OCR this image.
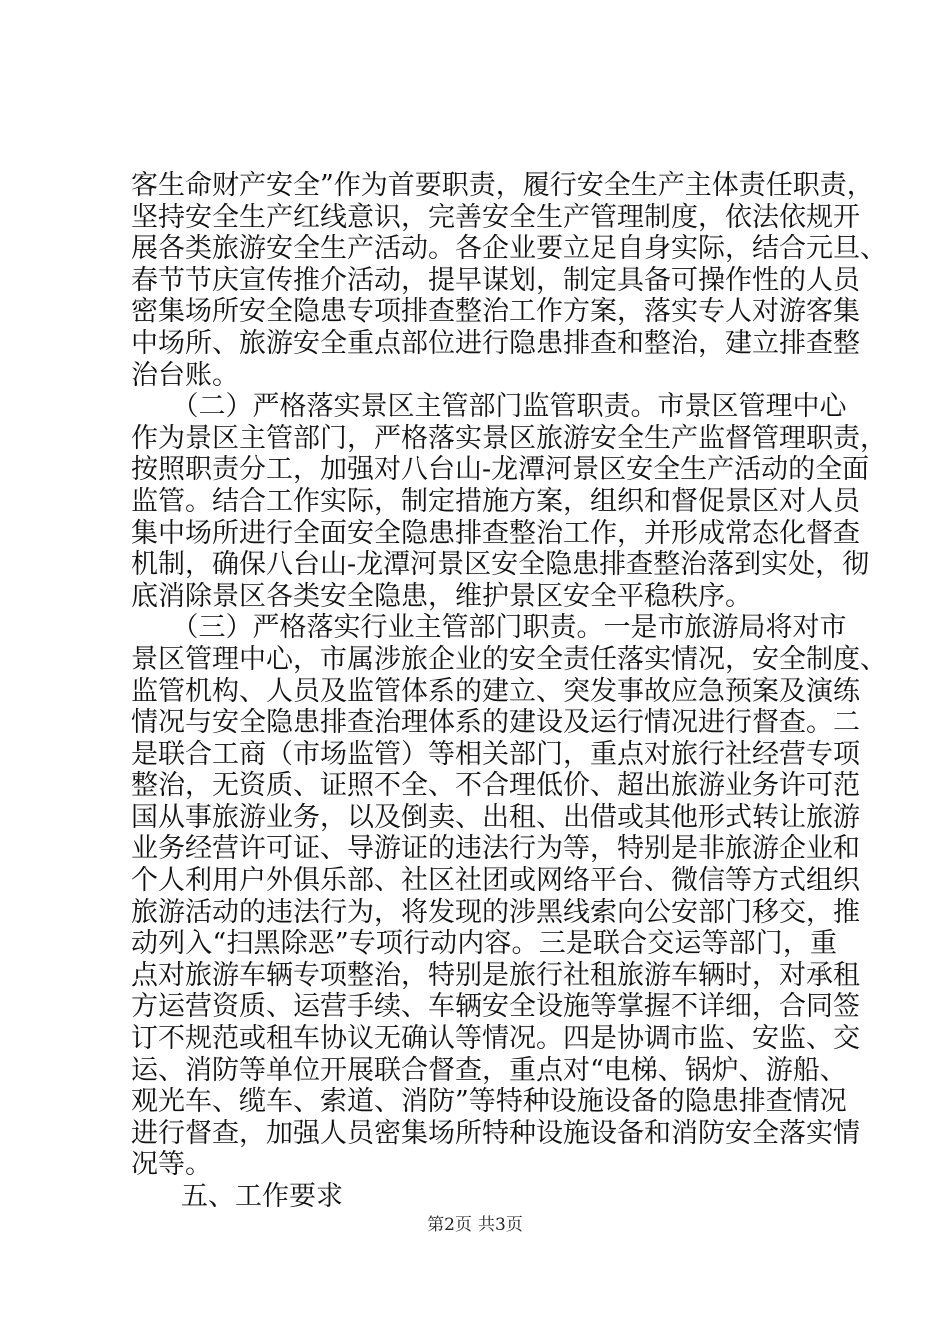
客生命财产安全”作为首要职责，履行安全生产主体责任职责，
坚持安全生产红线意识，完善安全生产管理制度，依法依规开
展各类旅游安全生产活动。各企业要立足自身实际，结合元旦、
春节节庆宣传推介活动，提早谋划，制定具备可操作性的人员
密集场所安全隐患专项排查整治工作方案，落实专人对游客集
中场所、旅游安全重点部位进行隐患排查和整治，建立排查整
治台账。
　　（二）严格落实景区主管部门监管职责。市景区管理中心
作为景区主管部门，严格落实景区旅游安全生产监督管理职责，
按照职责分工，加强对八台山-龙潭河景区安全生产活动的全面
监管。结合工作实际，制定措施方案，组织和督促景区对人员
集中场所进行全面安全隐患排查整治工作，并形成常态化督查
机制，确保八台山-龙潭河景区安全隐患排查整治落到实处，彻
底消除景区各类安全隐患，维护景区安全平稳秩序。
　　（三）严格落实行业主管部门职责。一是市旅游局将对市
景区管理中心，市属涉旅企业的安全责任落实情况，安全制度、
监管机构、人员及监管体系的建立、突发事故应急预案及演练
情况与安全隐患排查治理体系的建设及运行情况进行督查。二
是联合工商（市场监管）等相关部门，重点对旅行社经营专项
整治，无资质、证照不全、不合理低价、超出旅游业务许可范
国从事旅游业务，以及倒卖、出租、出借或其他形式转让旅游
业务经营许可证、导游证的违法行为等，特别是非旅游企业和
个人利用户外俱乐部、社区社团或网络平台、微信等方式组织
旅游活动的违法行为，将发现的涉黑线索向公安部门移交，推
动列入“扫黑除恶”专项行动内容。三是联合交运等部门，重
点对旅游车辆专项整治，特别是旅行社租旅游车辆时，对承租
方运营资质、运营手续、车辆安全设施等掌握不详细，合同签
订不规范或租车协议无确认等情况。四是协调市监、安监、交
运、消防等单位开展联合督查，重点对“电梯、锅炉、游船、
观光车、缆车、索道、消防”等特种设施设备的隐患排查情况
进行督查，加强人员密集场所特种设施设备和消防安全落实情
况等。
五、工作要求
第2页 共3页
